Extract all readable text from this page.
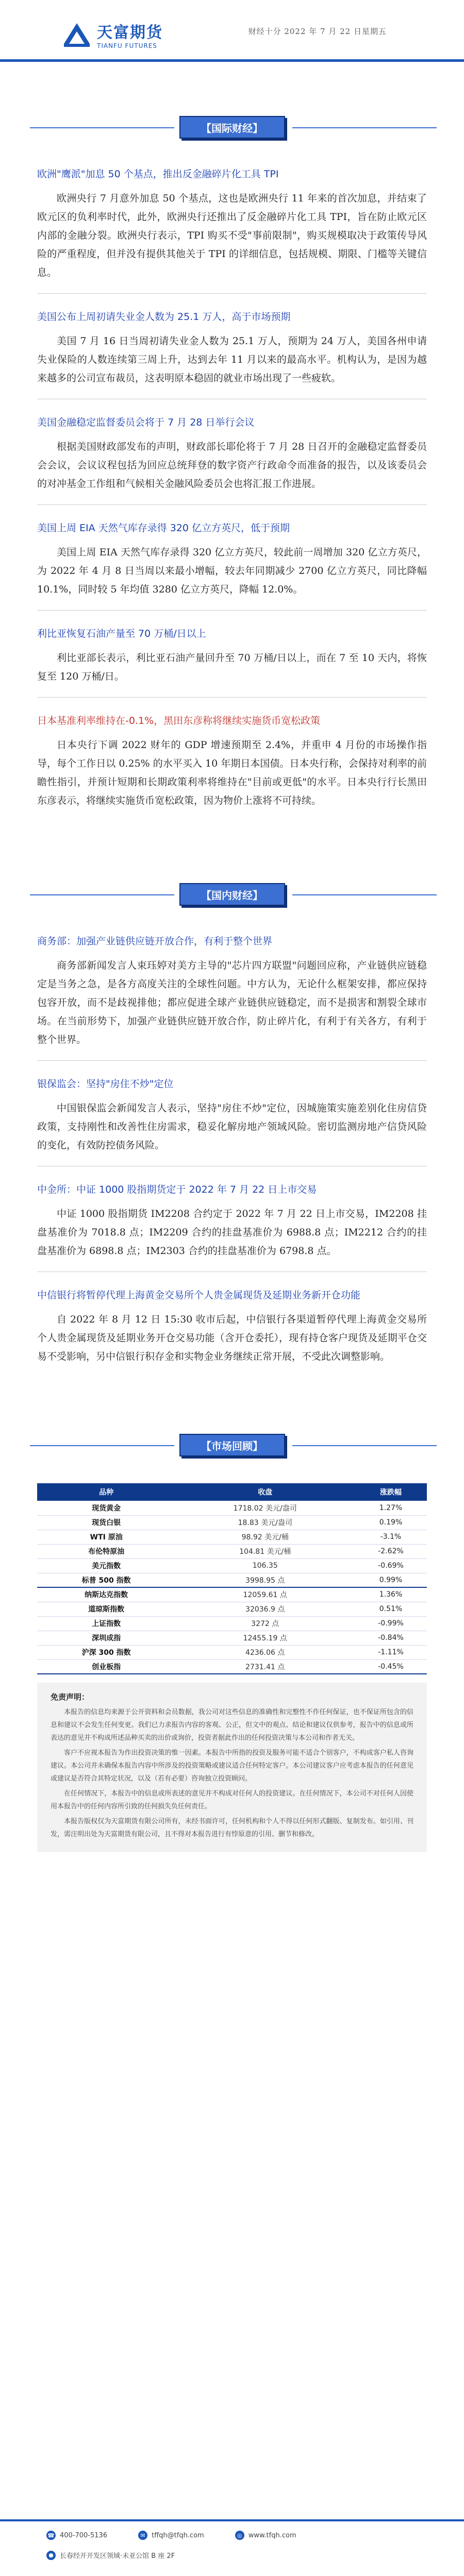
天富期货
TIANFU FUTURES
财经十分 2022 年 7 月 22 日星期五
【国际财经】
欧洲"鹰派"加息 50 个基点，推出反金融碎片化工具 TPI
欧洲央行 7 月意外加息 50 个基点，这也是欧洲央行 11 年来的首次加息，并结束了欧元区的负利率时代，此外，欧洲央行还推出了反金融碎片化工具 TPI，旨在防止欧元区内部的金融分裂。欧洲央行表示，TPI 购买不受"事前限制"，购买规模取决于政策传导风险的严重程度，但并没有提供其他关于 TPI 的详细信息，包括规模、期限、门槛等关键信息。
美国公布上周初请失业金人数为 25.1 万人，高于市场预期
美国 7 月 16 日当周初请失业金人数为 25.1 万人，预期为 24 万人，美国各州申请失业保险的人数连续第三周上升，达到去年 11 月以来的最高水平。机构认为，是因为越来越多的公司宣布裁员，这表明原本稳固的就业市场出现了一些疲软。
美国金融稳定监督委员会将于 7 月 28 日举行会议
根据美国财政部发布的声明，财政部长耶伦将于 7 月 28 日召开的金融稳定监督委员会会议，会议议程包括为回应总统拜登的数字资产行政命令而准备的报告，以及该委员会的对冲基金工作组和气候相关金融风险委员会也将汇报工作进展。
美国上周 EIA 天然气库存录得 320 亿立方英尺，低于预期
美国上周 EIA 天然气库存录得 320 亿立方英尺，较此前一周增加 320 亿立方英尺，为 2022 年 4 月 8 日当周以来最小增幅，较去年同期减少 2700 亿立方英尺，同比降幅 10.1%，同时较 5 年均值 3280 亿立方英尺，降幅 12.0%。
利比亚恢复石油产量至 70 万桶/日以上
利比亚部长表示，利比亚石油产量回升至 70 万桶/日以上，而在 7 至 10 天内，将恢复至 120 万桶/日。
日本基准利率维持在-0.1%，黑田东彦称将继续实施货币宽松政策
日本央行下调 2022 财年的 GDP 增速预期至 2.4%，并重申 4 月份的市场操作指导，每个工作日以 0.25% 的水平买入 10 年期日本国债。日本央行称，会保持对利率的前瞻性指引，并预计短期和长期政策利率将维持在"目前或更低"的水平。日本央行行长黑田东彦表示，将继续实施货币宽松政策，因为物价上涨将不可持续。
【国内财经】
商务部：加强产业链供应链开放合作，有利于整个世界
商务部新闻发言人束珏婷对美方主导的"芯片四方联盟"问题回应称，产业链供应链稳定是当务之急，是各方高度关注的全球性问题。中方认为，无论什么框架安排，都应保持包容开放，而不是歧视排他；都应促进全球产业链供应链稳定，而不是损害和割裂全球市场。在当前形势下，加强产业链供应链开放合作，防止碎片化，有利于有关各方，有利于整个世界。
银保监会：坚持"房住不炒"定位
中国银保监会新闻发言人表示，坚持"房住不炒"定位，因城施策实施差别化住房信贷政策，支持刚性和改善性住房需求，稳妥化解房地产领域风险。密切监测房地产信贷风险的变化，有效防控债务风险。
中金所：中证 1000 股指期货定于 2022 年 7 月 22 日上市交易
中证 1000 股指期货 IM2208 合约定于 2022 年 7 月 22 日上市交易，IM2208 挂盘基准价为 7018.8 点；IM2209 合约的挂盘基准价为 6988.8 点；IM2212 合约的挂盘基准价为 6898.8 点；IM2303 合约的挂盘基准价为 6798.8 点。
中信银行将暂停代理上海黄金交易所个人贵金属现货及延期业务新开仓功能
自 2022 年 8 月 12 日 15:30 收市后起，中信银行各渠道暂停代理上海黄金交易所个人贵金属现货及延期业务开仓交易功能（含开仓委托），现有持仓客户现货及延期平仓交易不受影响，另中信银行积存金和实物金业务继续正常开展，不受此次调整影响。
【市场回顾】
品种	收盘	涨跌幅
现货黄金	1718.02 美元/盎司	1.27%
现货白银	18.83 美元/盎司	0.19%
WTI 原油	98.92 美元/桶	-3.1%
布伦特原油	104.81 美元/桶	-2.62%
美元指数	106.35	-0.69%
标普 500 指数	3998.95 点	0.99%
纳斯达克指数	12059.61 点	1.36%
道琼斯指数	32036.9 点	0.51%
上证指数	3272 点	-0.99%
深圳成指	12455.19 点	-0.84%
沪深 300 指数	4236.06 点	-1.11%
创业板指	2731.41 点	-0.45%
免责声明：

本报告的信息均来源于公开资料和会员数据，我公司对这些信息的准确性和完整性不作任何保证，也不保证所包含的信息和建议不会发生任何变更。我们已力求报告内容的客观、公正，但文中的观点、结论和建议仅供参考，报告中的信息或所表达的意见并不构成所述品种买卖的出价或询价，投资者据此作出的任何投资决策与本公司和作者无关。

客户不应视本报告为作出投资决策的惟一因素。本报告中所指的投资及服务可能不适合个别客户，不构成客户私人咨询建议。本公司并未确保本报告内容中所涉及的投资策略或建议适合任何特定客户。本公司建议客户应考虑本报告的任何意见或建议是否符合其特定状况，以及（若有必要）咨询独立投资顾问。

在任何情况下，本报告中的信息或所表述的意见并不构成对任何人的投资建议。在任何情况下，本公司不对任何人因使用本报告中的任何内容所引致的任何损失负任何责任。

本报告版权仅为天富期货有限公司所有，未经书面许可，任何机构和个人不得以任何形式翻版、复制发布。如引用、刊发，需注明出处为天富期货有限公司，且不得对本报告进行有悖原意的引用、删节和修改。

☎ 400-700-5136	✉ tffqh@tfqh.com	◎ www.tfqh.com
● 长春经开开发区领域·未亚公馆 B 座 2F
